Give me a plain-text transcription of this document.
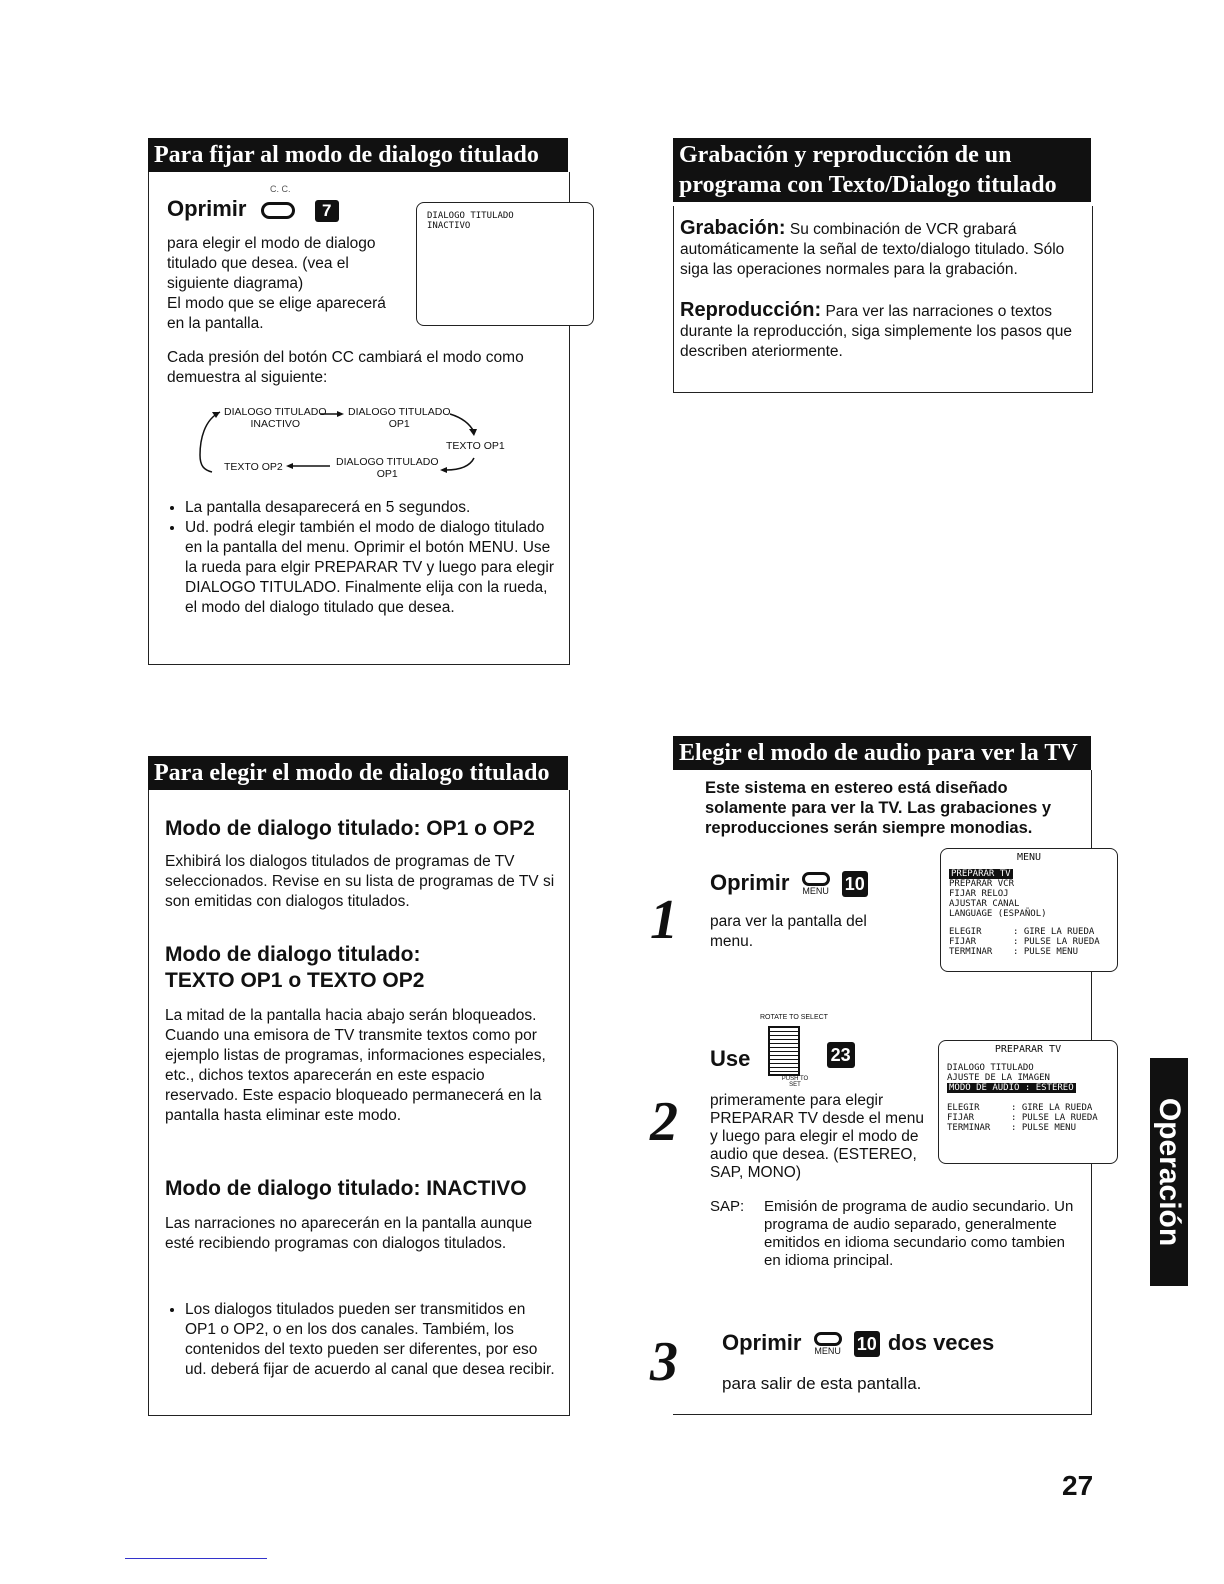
Para fijar al modo de dialogo titulado
C. C.
Oprimir	7
para elegir el modo de dialogo titulado que desea. (vea el siguiente diagrama)
El modo que se elige aparecerá en la pantalla.
DIALOGO TITULADO
INACTIVO
Cada presión del botón CC cambiará el modo como demuestra al siguiente:
DIALOGO TITULADO
INACTIVO
DIALOGO TITULADO
OP1
TEXTO OP1
DIALOGO TITULADO
OP1
TEXTO OP2
• La pantalla desaparecerá en 5 segundos.
• Ud. podrá elegir también el modo de dialogo titulado en la pantalla del menu. Oprimir el botón MENU. Use la rueda para elgir PREPARAR TV y luego para elegir DIALOGO TITULADO. Finalmente elija con la rueda, el modo del dialogo titulado que desea.
Grabación y reproducción de un
programa con Texto/Dialogo titulado
Grabación: Su combinación de VCR grabará automáticamente la señal de texto/dialogo titulado. Sólo siga las operaciones normales para la grabación.
Reproducción: Para ver las narraciones o textos durante la reproducción, siga simplemente los pasos que describen ateriormente.
Para elegir el modo de dialogo titulado
Modo de dialogo titulado: OP1 o OP2
Exhibirá los dialogos titulados de programas de TV seleccionados. Revise en su lista de programas de TV si son emitidas con dialogos titulados.
Modo de dialogo titulado:
TEXTO OP1 o TEXTO OP2
La mitad de la pantalla hacia abajo serán bloqueados. Cuando una emisora de TV transmite textos como por ejemplo listas de programas, informaciones especiales, etc., dichos textos aparecerán en este espacio reservado. Este espacio bloqueado permanecerá en la pantalla hasta eliminar este modo.
Modo de dialogo titulado: INACTIVO
Las narraciones no aparecerán en la pantalla aunque esté recibiendo programas con dialogos titulados.
• Los dialogos titulados pueden ser transmitidos en OP1 o OP2, o en los dos canales. Tambiém, los contenidos del texto pueden ser diferentes, por eso ud. deberá fijar de acuerdo al canal que desea recibir.
Elegir el modo de audio para ver la TV
Este sistema en estereo está diseñado solamente para ver la TV. Las grabaciones y reproducciones serán siempre monodias.
1
Oprimir MENU 10
para ver la pantalla del menu.
MENU
PREPARAR TV
PREPARAR VCR
FIJAR RELOJ
AJUSTAR CANAL
LANGUAGE (ESPAÑOL)
ELEGIR	: GIRE LA RUEDA
FIJAR	: PULSE LA RUEDA
TERMINAR : PULSE MENU
2
ROTATE TO SELECT
Use	23
PUSH TO SET
primeramente para elegir PREPARAR TV desde el menu y luego para elegir el modo de audio que desea. (ESTEREO, SAP, MONO)
PREPARAR TV
DIALOGO TITULADO
AJUSTE DE LA IMAGEN
MODO DE AUDIO : ESTEREO
ELEGIR	: GIRE LA RUEDA
FIJAR	: PULSE LA RUEDA
TERMINAR : PULSE MENU
SAP: Emisión de programa de audio secundario. Un programa de audio separado, generalmente emitidos en idioma secundario como tambien en idioma principal.
3 Oprimir MENU 10 dos veces
para salir de esta pantalla.
Operación
27
